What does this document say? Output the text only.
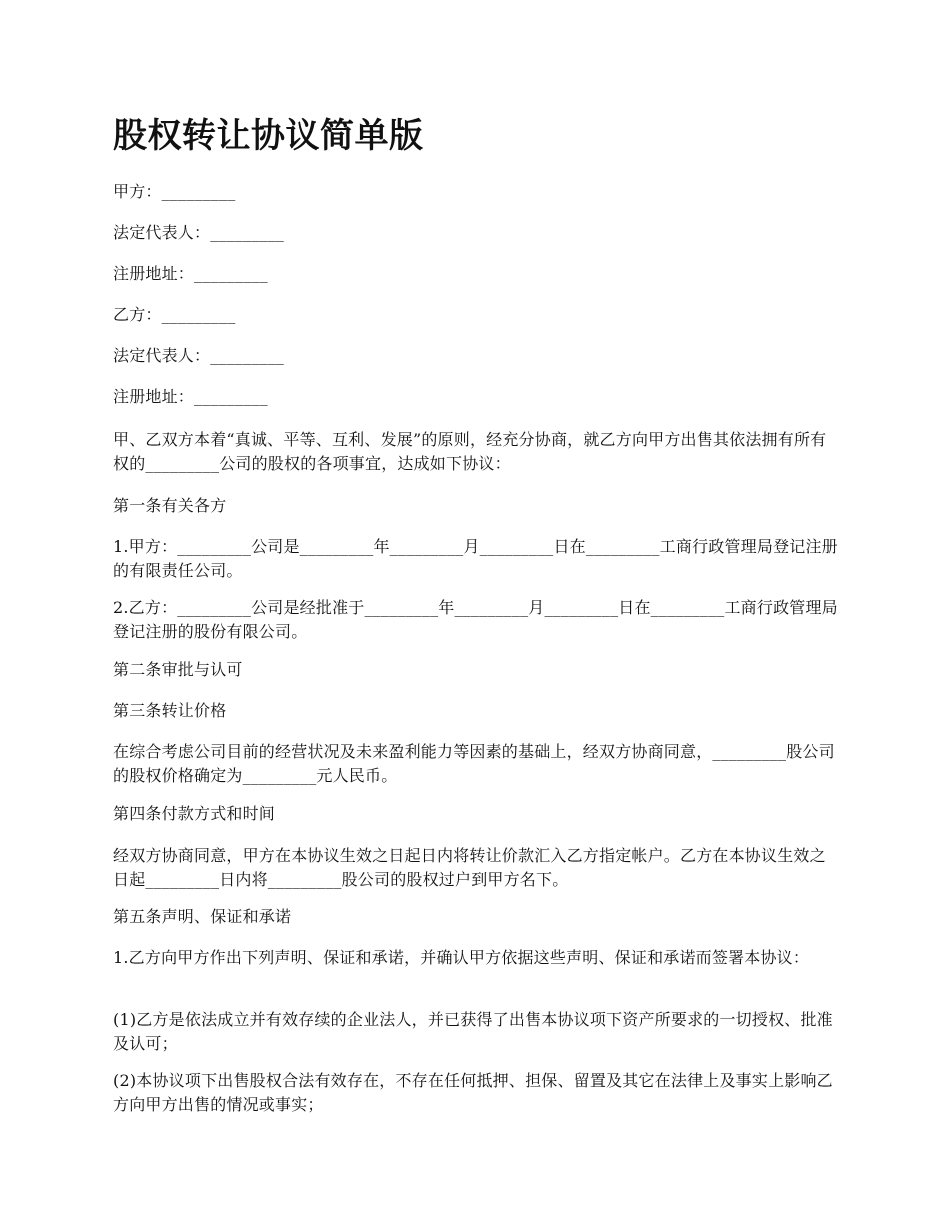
股权转让协议简单版

甲方：_________

法定代表人：_________

注册地址：_________

乙方：_________

法定代表人：_________

注册地址：_________

甲、乙双方本着“真诚、平等、互利、发展”的原则，经充分协商，就乙方向甲方出售其依法拥有所有权的_________公司的股权的各项事宜，达成如下协议：

第一条有关各方

1.甲方：_________公司是_________年_________月_________日在_________工商行政管理局登记注册的有限责任公司。

2.乙方：_________公司是经批准于_________年_________月_________日在_________工商行政管理局登记注册的股份有限公司。

第二条审批与认可

第三条转让价格

在综合考虑公司目前的经营状况及未来盈利能力等因素的基础上，经双方协商同意，_________股公司的股权价格确定为_________元人民币。

第四条付款方式和时间

经双方协商同意，甲方在本协议生效之日起日内将转让价款汇入乙方指定帐户。乙方在本协议生效之日起_________日内将_________股公司的股权过户到甲方名下。

第五条声明、保证和承诺

1.乙方向甲方作出下列声明、保证和承诺，并确认甲方依据这些声明、保证和承诺而签署本协议：

(1)乙方是依法成立并有效存续的企业法人，并已获得了出售本协议项下资产所要求的一切授权、批准及认可；

(2)本协议项下出售股权合法有效存在，不存在任何抵押、担保、留置及其它在法律上及事实上影响乙方向甲方出售的情况或事实；
